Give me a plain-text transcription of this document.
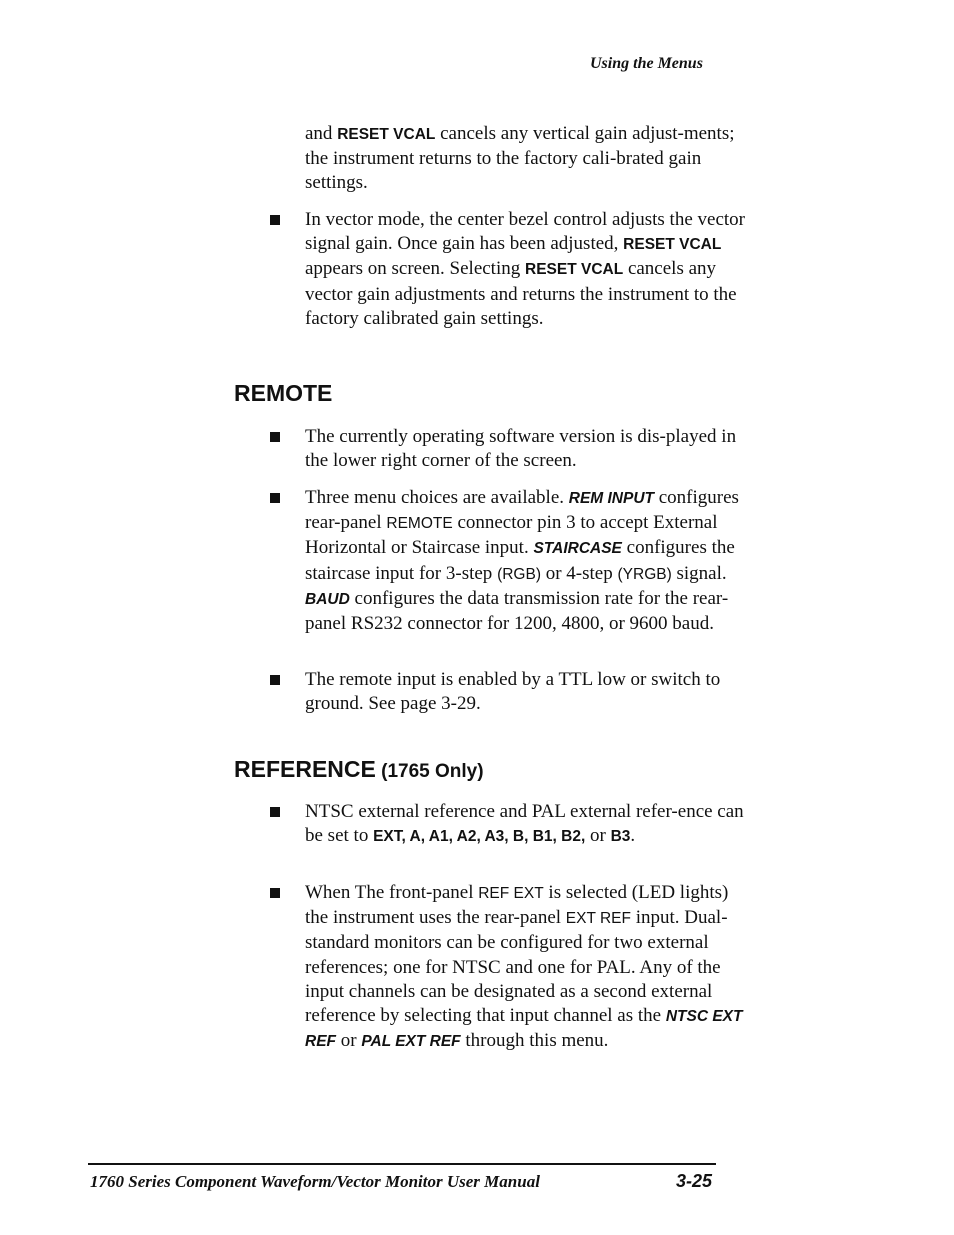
Using the Menus
and RESET VCAL cancels any vertical gain adjust-ments; the instrument returns to the factory cali-brated gain settings.
In vector mode, the center bezel control adjusts the vector signal gain. Once gain has been adjusted, RESET VCAL appears on screen. Selecting RESET VCAL cancels any vector gain adjustments and returns the instrument to the factory calibrated gain settings.
REMOTE
The currently operating software version is dis-played in the lower right corner of the screen.
Three menu choices are available. REM INPUT configures rear-panel REMOTE connector pin 3 to accept External Horizontal or Staircase input. STAIRCASE configures the staircase input for 3-step (RGB) or 4-step (YRGB) signal. BAUD configures the data transmission rate for the rear-panel RS232 connector for 1200, 4800, or 9600 baud.
The remote input is enabled by a TTL low or switch to ground. See page 3-29.
REFERENCE (1765 Only)
NTSC external reference and PAL external refer-ence can be set to EXT, A, A1, A2, A3, B, B1, B2, or B3.
When The front-panel REF EXT is selected (LED lights) the instrument uses the rear-panel EXT REF input. Dual-standard monitors can be configured for two external references; one for NTSC and one for PAL. Any of the input channels can be designated as a second external reference by selecting that input channel as the NTSC EXT REF or PAL EXT REF through this menu.
1760 Series Component Waveform/Vector Monitor User Manual	3-25
